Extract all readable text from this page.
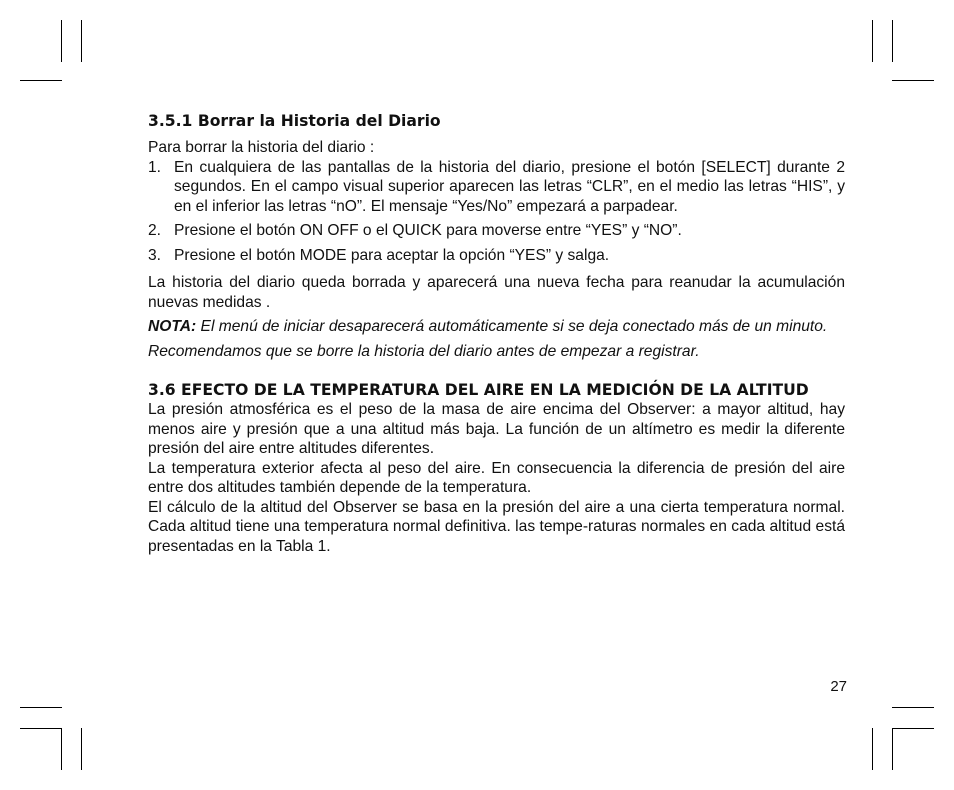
3.5.1 Borrar la Historia del Diario

Para borrar la historia del diario :

1. En cualquiera de las pantallas de la historia del diario, presione el botón [SELECT] durante 2 segundos. En el campo visual superior aparecen las letras “CLR”, en el medio las letras “HIS”, y en el inferior las letras “nO”. El mensaje “Yes/No” empezará a parpadear.
2. Presione el botón ON OFF o el QUICK para moverse entre “YES” y “NO”.
3. Presione el botón MODE para aceptar la opción “YES” y salga.

La historia del diario queda borrada y aparecerá una nueva fecha para reanudar la acumulación nuevas medidas .

NOTA: El menú de iniciar desaparecerá automáticamente si se deja conectado más de un minuto.

Recomendamos que se borre la historia del diario antes de empezar a registrar.

3.6 EFECTO DE LA TEMPERATURA DEL AIRE EN LA MEDICIÓN DE LA ALTITUD

La presión atmosférica es el peso de la masa de aire encima del Observer: a mayor altitud, hay menos aire y presión que a una altitud más baja. La función de un altímetro es medir la diferente presión del aire entre altitudes diferentes.

La temperatura exterior afecta al peso del aire. En consecuencia la diferencia de presión del aire entre dos altitudes también depende de la temperatura.

El cálculo de la altitud del Observer se basa en la presión del aire a una cierta temperatura normal. Cada altitud tiene una temperatura normal definitiva. las tempe-raturas normales en cada altitud está presentadas en la Tabla 1.

27
